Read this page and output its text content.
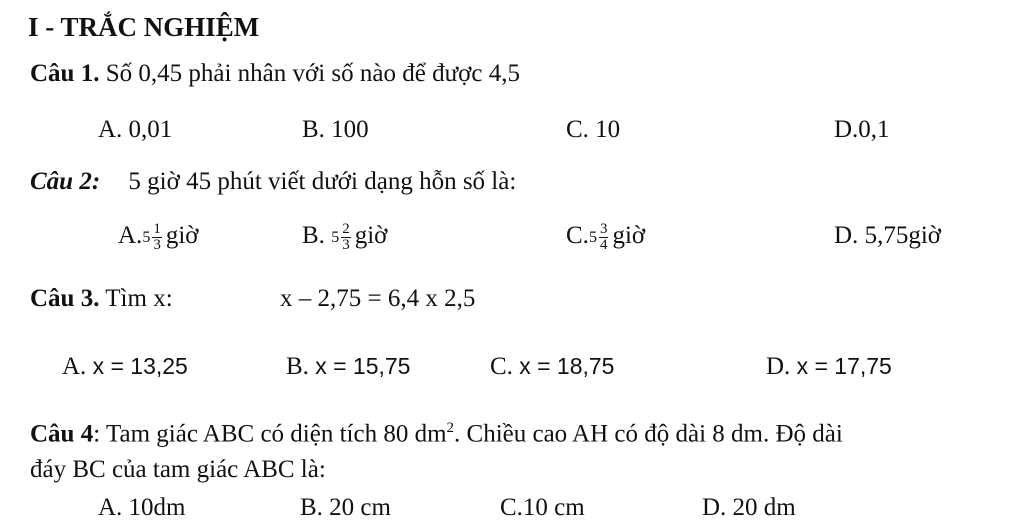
I - TRẮC NGHIỆM
Câu 1. Số 0,45 phải nhân với số nào để được 4,5
A. 0,01	B. 100	C. 10	D.0,1
Câu 2: 5 giờ 45 phút viết dưới dạng hỗn số là:
A. $5 \frac{1}{3}$ giờ	B. $5 \frac{2}{3}$ giờ	C. $5 \frac{3}{4}$ giờ	D. 5,75giờ
Câu 3. Tìm x:	x – 2,75 = 6,4 x 2,5
A. x = 13,25	B. x = 15,75	C. x = 18,75	D. x = 17,75
Câu 4: Tam giác ABC có diện tích 80 $dm^2$. Chiều cao AH có độ dài 8 dm. Độ dài
đáy BC của tam giác ABC là:
A. 10dm	B. 20 cm	C.10 cm	D. 20 dm
